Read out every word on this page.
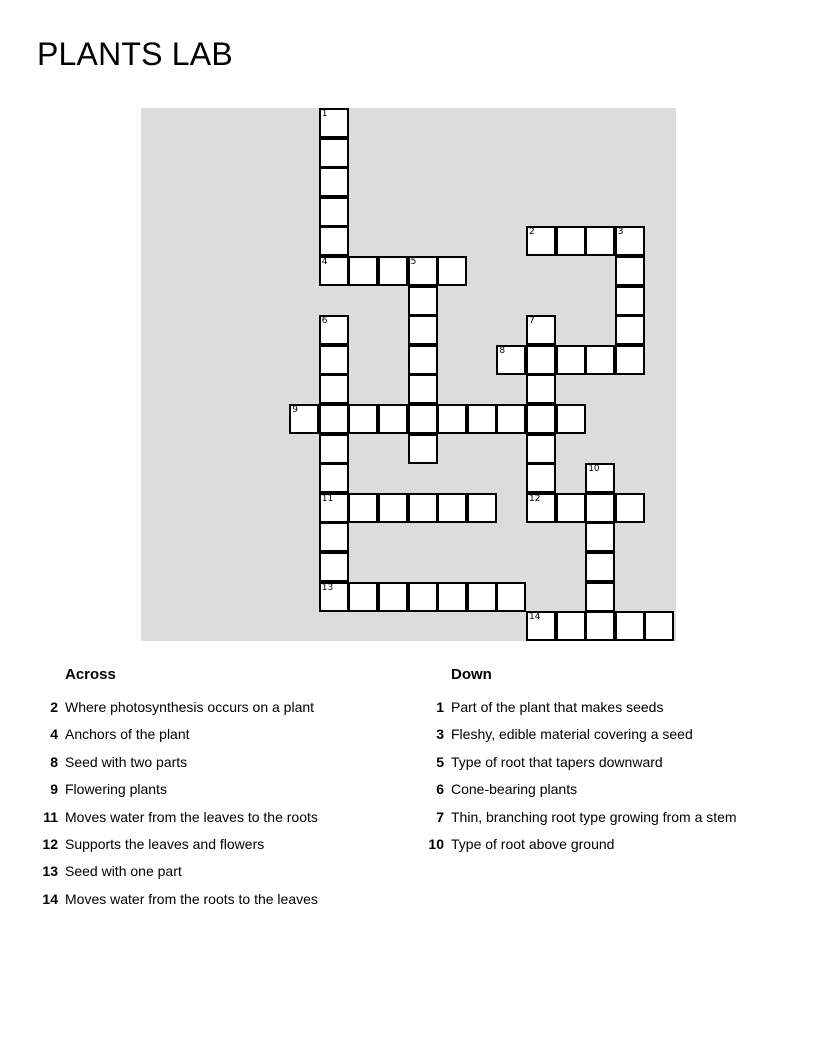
PLANTS LAB
1
4
2	3
5
6
11
13
7
12
8
9
10
14
Across
2 Where photosynthesis occurs on a plant
4 Anchors of the plant
8 Seed with two parts
9 Flowering plants
11 Moves water from the leaves to the roots
12 Supports the leaves and flowers
13 Seed with one part
14 Moves water from the roots to the leaves
Down
1 Part of the plant that makes seeds
3 Fleshy, edible material covering a seed
5 Type of root that tapers downward
6 Cone-bearing plants
7 Thin, branching root type growing from a stem
10 Type of root above ground
